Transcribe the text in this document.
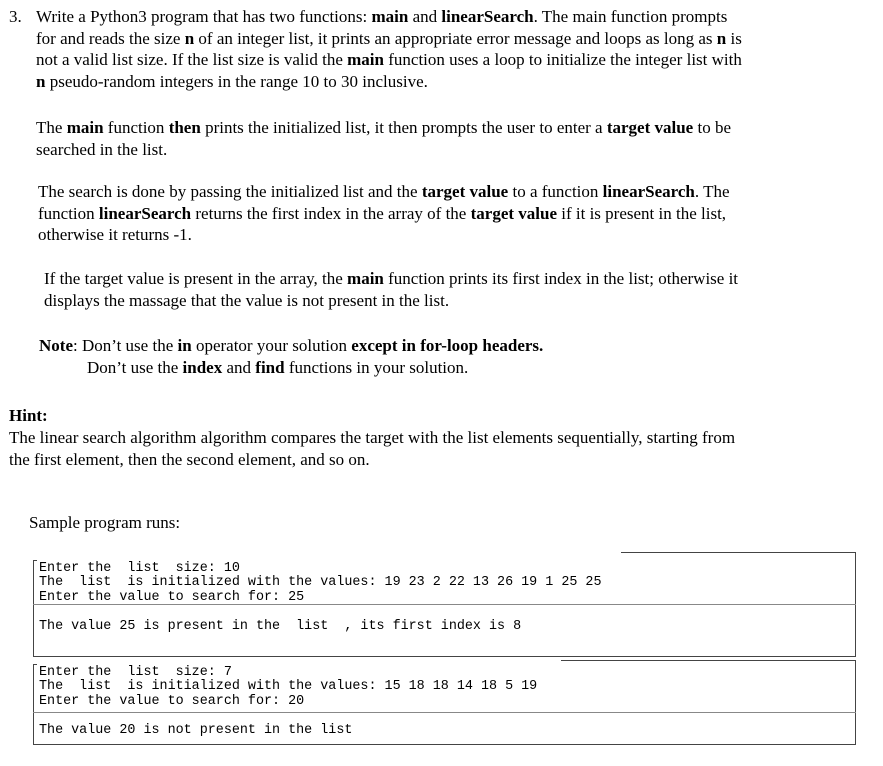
3. Write a Python3 program that has two functions: main and linearSearch. The main function prompts
for and reads the size n of an integer list, it prints an appropriate error message and loops as long as n is
not a valid list size. If the list size is valid the main function uses a loop to initialize the integer list with
n pseudo-random integers in the range 10 to 30 inclusive.
The main function then prints the initialized list, it then prompts the user to enter a target value to be
searched in the list.
The search is done by passing the initialized list and the target value to a function linearSearch. The
function linearSearch returns the first index in the array of the target value if it is present in the list,
otherwise it returns -1.
If the target value is present in the array, the main function prints its first index in the list; otherwise it
displays the massage that the value is not present in the list.
Note: Don’t use the in operator your solution except in for-loop headers.
Don’t use the index and find functions in your solution.
Hint:
The linear search algorithm algorithm compares the target with the list elements sequentially, starting from
the first element, then the second element, and so on.
Sample program runs:
Enter the  list  size: 10
The  list  is initialized with the values: 19 23 2 22 13 26 19 1 25 25
Enter the value to search for: 25
The value 25 is present in the  list  , its first index is 8
Enter the  list  size: 7
The  list  is initialized with the values: 15 18 18 14 18 5 19
Enter the value to search for: 20
The value 20 is not present in the list
